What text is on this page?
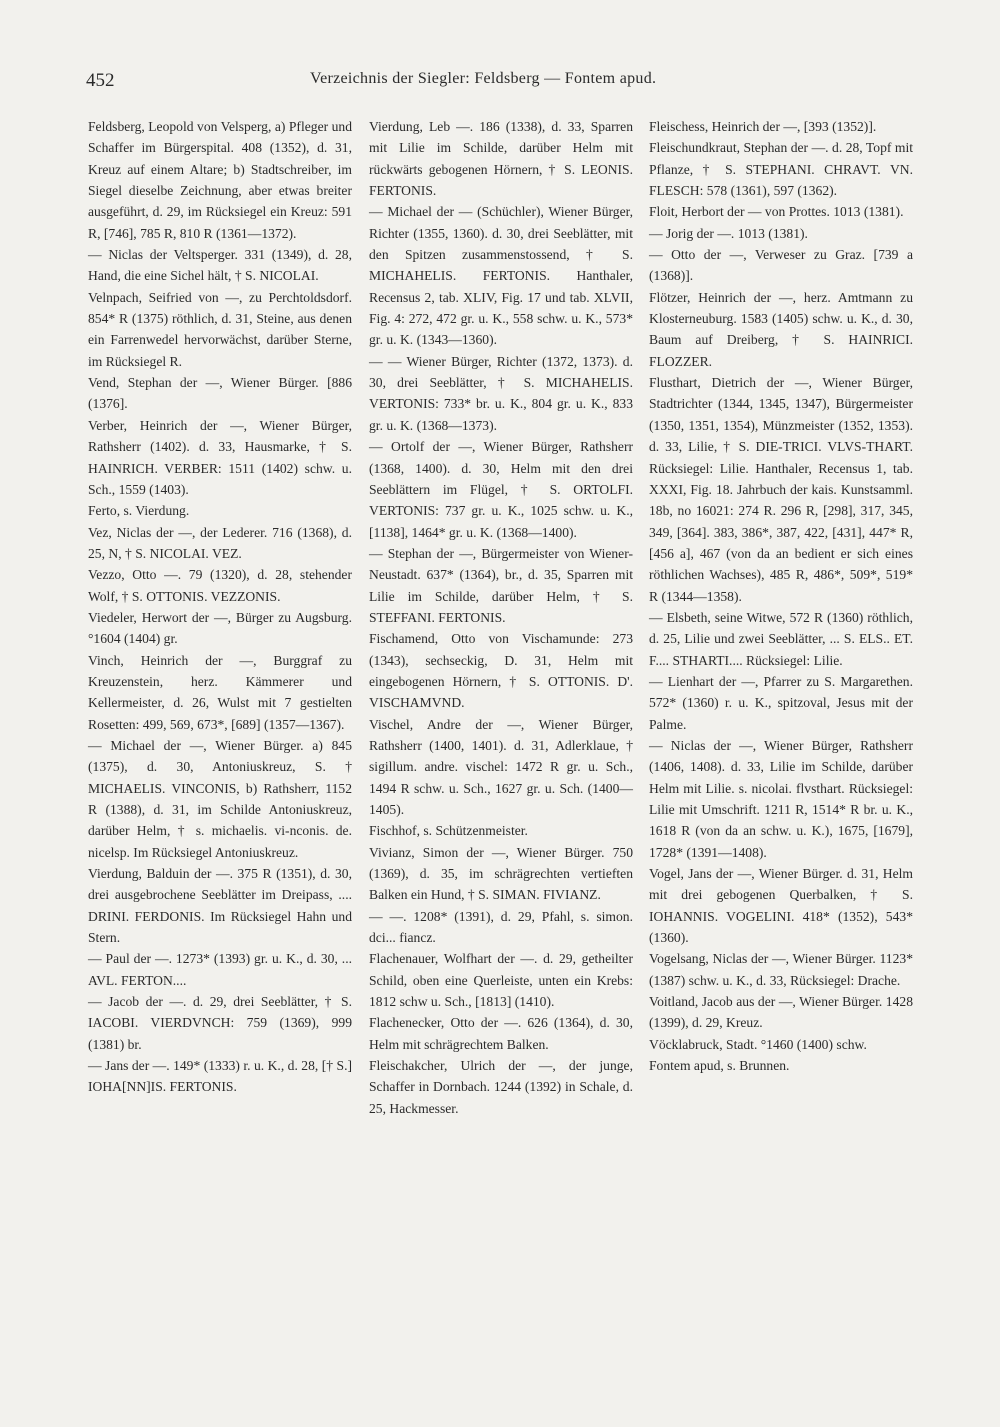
452	Verzeichnis der Siegler: Feldsberg — Fontem apud.

Feldsberg, Leopold von Velsperg, a) Pfleger und Schaffer im Bürgerspital. 408 (1352), d. 31, Kreuz auf einem Altare; b) Stadtschreiber, im Siegel dieselbe Zeichnung, aber etwas breiter ausgeführt, d. 29, im Rücksiegel ein Kreuz: 591 R, [746], 785 R, 810 R (1361—1372).

— Niclas der Veltsperger. 331 (1349), d. 28, Hand, die eine Sichel hält, † S. NICOLAI.

Velnpach, Seifried von —, zu Perchtoldsdorf. 854* R (1375) röthlich, d. 31, Steine, aus denen ein Farrenwedel hervorwächst, darüber Sterne, im Rücksiegel R.

Vend, Stephan der —, Wiener Bürger. [886 (1376].

Verber, Heinrich der —, Wiener Bürger, Rathsherr (1402). d. 33, Hausmarke, † S. HAINRICH. VERBER: 1511 (1402) schw. u. Sch., 1559 (1403).

Ferto, s. Vierdung.

Vez, Niclas der —, der Lederer. 716 (1368), d. 25, N, † S. NICOLAI. VEZ.

Vezzo, Otto —. 79 (1320), d. 28, stehender Wolf, † S. OTTONIS. VEZZONIS.

Viedeler, Herwort der —, Bürger zu Augsburg. °1604 (1404) gr.

Vinch, Heinrich der —, Burggraf zu Kreuzenstein, herz. Kämmerer und Kellermeister, d. 26, Wulst mit 7 gestielten Rosetten: 499, 569, 673*, [689] (1357—1367).

— Michael der —, Wiener Bürger. a) 845 (1375), d. 30, Antoniuskreuz, S. † MICHAELIS. VINCONIS, b) Rathsherr, 1152 R (1388), d. 31, im Schilde Antoniuskreuz, darüber Helm, † s. michaelis. vi-nconis. de. nicelsp. Im Rücksiegel Antoniuskreuz.

Vierdung, Balduin der —. 375 R (1351), d. 30, drei ausgebrochene Seeblätter im Dreipass, .... DRINI. FERDONIS. Im Rücksiegel Hahn und Stern.

— Paul der —. 1273* (1393) gr. u. K., d. 30, ... AVL. FERTON....

— Jacob der —. d. 29, drei Seeblätter, † S. IACOBI. VIERDVNCH: 759 (1369), 999 (1381) br.

— Jans der —. 149* (1333) r. u. K., d. 28, [† S.] IOHA[NN]IS. FERTONIS.

Vierdung, Leb —. 186 (1338), d. 33, Sparren mit Lilie im Schilde, darüber Helm mit rückwärts gebogenen Hörnern, † S. LEONIS. FERTONIS.

— Michael der — (Schüchler), Wiener Bürger, Richter (1355, 1360). d. 30, drei Seeblätter, mit den Spitzen zusammenstossend, † S. MICHAHELIS. FERTONIS. Hanthaler, Recensus 2, tab. XLIV, Fig. 17 und tab. XLVII, Fig. 4: 272, 472 gr. u. K., 558 schw. u. K., 573* gr. u. K. (1343—1360).

— — Wiener Bürger, Richter (1372, 1373). d. 30, drei Seeblätter, † S. MICHAHELIS. VERTONIS: 733* br. u. K., 804 gr. u. K., 833 gr. u. K. (1368—1373).

— Ortolf der —, Wiener Bürger, Rathsherr (1368, 1400). d. 30, Helm mit den drei Seeblättern im Flügel, † S. ORTOLFI. VERTONIS: 737 gr. u. K., 1025 schw. u. K., [1138], 1464* gr. u. K. (1368—1400).

— Stephan der —, Bürgermeister von Wiener-Neustadt. 637* (1364), br., d. 35, Sparren mit Lilie im Schilde, darüber Helm, † S. STEFFANI. FERTONIS.

Fischamend, Otto von Vischamunde: 273 (1343), sechseckig, D. 31, Helm mit eingebogenen Hörnern, † S. OTTONIS. D'. VISCHAMVND.

Vischel, Andre der —, Wiener Bürger, Rathsherr (1400, 1401). d. 31, Adlerklaue, † sigillum. andre. vischel: 1472 R gr. u. Sch., 1494 R schw. u. Sch., 1627 gr. u. Sch. (1400—1405).

Fischhof, s. Schützenmeister.

Vivianz, Simon der —, Wiener Bürger. 750 (1369), d. 35, im schrägrechten vertieften Balken ein Hund, † S. SIMAN. FIVIANZ.

— —. 1208* (1391), d. 29, Pfahl, s. simon. dci... fiancz.

Flachenauer, Wolfhart der —. d. 29, getheilter Schild, oben eine Querleiste, unten ein Krebs: 1812 schw u. Sch., [1813] (1410).

Flachenecker, Otto der —. 626 (1364), d. 30, Helm mit schrägrechtem Balken.

Fleischakcher, Ulrich der —, der junge, Schaffer in Dornbach. 1244 (1392) in Schale, d. 25, Hackmesser.

Fleischess, Heinrich der —, [393 (1352)].

Fleischundkraut, Stephan der —. d. 28, Topf mit Pflanze, † S. STEPHANI. CHRAVT. VN. FLESCH: 578 (1361), 597 (1362).

Floit, Herbort der — von Prottes. 1013 (1381).

— Jorig der —. 1013 (1381).

— Otto der —, Verweser zu Graz. [739 a (1368)].

Flötzer, Heinrich der —, herz. Amtmann zu Klosterneuburg. 1583 (1405) schw. u. K., d. 30, Baum auf Dreiberg, † S. HAINRICI. FLOZZER.

Flusthart, Dietrich der —, Wiener Bürger, Stadtrichter (1344, 1345, 1347), Bürgermeister (1350, 1351, 1354), Münzmeister (1352, 1353). d. 33, Lilie, † S. DIE-TRICI. VLVS-THART. Rücksiegel: Lilie. Hanthaler, Recensus 1, tab. XXXI, Fig. 18. Jahrbuch der kais. Kunstsamml. 18b, no 16021: 274 R. 296 R, [298], 317, 345, 349, [364]. 383, 386*, 387, 422, [431], 447* R, [456 a], 467 (von da an bedient er sich eines röthlichen Wachses), 485 R, 486*, 509*, 519* R (1344—1358).

— Elsbeth, seine Witwe, 572 R (1360) röthlich, d. 25, Lilie und zwei Seeblätter, ... S. ELS.. ET. F.... STHARTI.... Rücksiegel: Lilie.

— Lienhart der —, Pfarrer zu S. Margarethen. 572* (1360) r. u. K., spitzoval, Jesus mit der Palme.

— Niclas der —, Wiener Bürger, Rathsherr (1406, 1408). d. 33, Lilie im Schilde, darüber Helm mit Lilie. s. nicolai. flvsthart. Rücksiegel: Lilie mit Umschrift. 1211 R, 1514* R br. u. K., 1618 R (von da an schw. u. K.), 1675, [1679], 1728* (1391—1408).

Vogel, Jans der —, Wiener Bürger. d. 31, Helm mit drei gebogenen Querbalken, † S. IOHANNIS. VOGELINI. 418* (1352), 543* (1360).

Vogelsang, Niclas der —, Wiener Bürger. 1123* (1387) schw. u. K., d. 33, Rücksiegel: Drache.

Voitland, Jacob aus der —, Wiener Bürger. 1428 (1399), d. 29, Kreuz.

Vöcklabruck, Stadt. °1460 (1400) schw.

Fontem apud, s. Brunnen.
